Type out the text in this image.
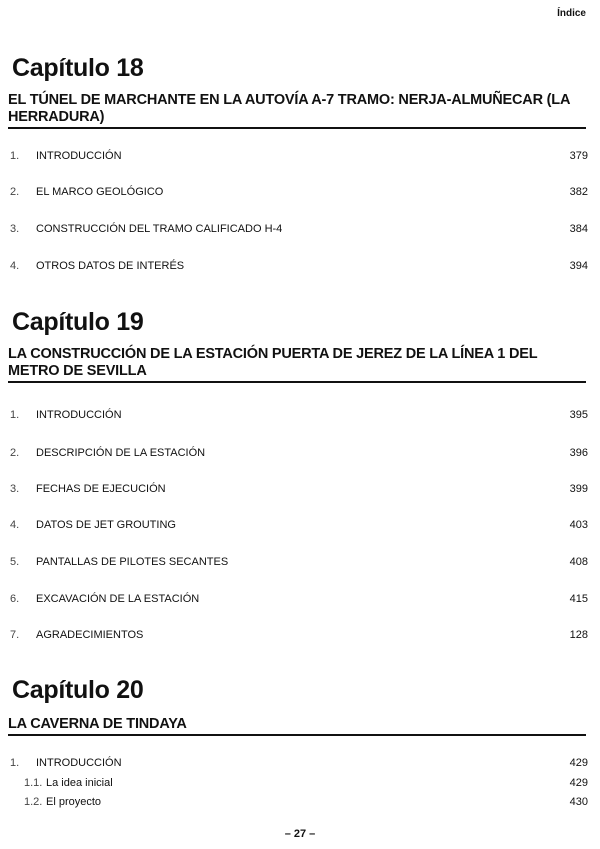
Índice
Capítulo 18
EL TÚNEL DE MARCHANTE EN LA AUTOVÍA A-7 TRAMO: NERJA-ALMUÑECAR (LA HERRADURA)
1.	INTRODUCCIÓN	379
2.	EL MARCO GEOLÓGICO	382
3.	CONSTRUCCIÓN DEL TRAMO CALIFICADO H-4	384
4.	OTROS DATOS DE INTERÉS	394
Capítulo 19
LA CONSTRUCCIÓN DE LA ESTACIÓN PUERTA DE JEREZ DE LA LÍNEA 1 DEL METRO DE SEVILLA
1.	INTRODUCCIÓN	395
2.	DESCRIPCIÓN DE LA ESTACIÓN	396
3.	FECHAS DE EJECUCIÓN	399
4.	DATOS DE JET GROUTING	403
5.	PANTALLAS DE PILOTES SECANTES	408
6.	EXCAVACIÓN DE LA ESTACIÓN	415
7.	AGRADECIMIENTOS	128
Capítulo 20
LA CAVERNA DE TINDAYA
1.	INTRODUCCIÓN	429
1.1. La idea inicial	429
1.2. El proyecto	430
– 27 –
